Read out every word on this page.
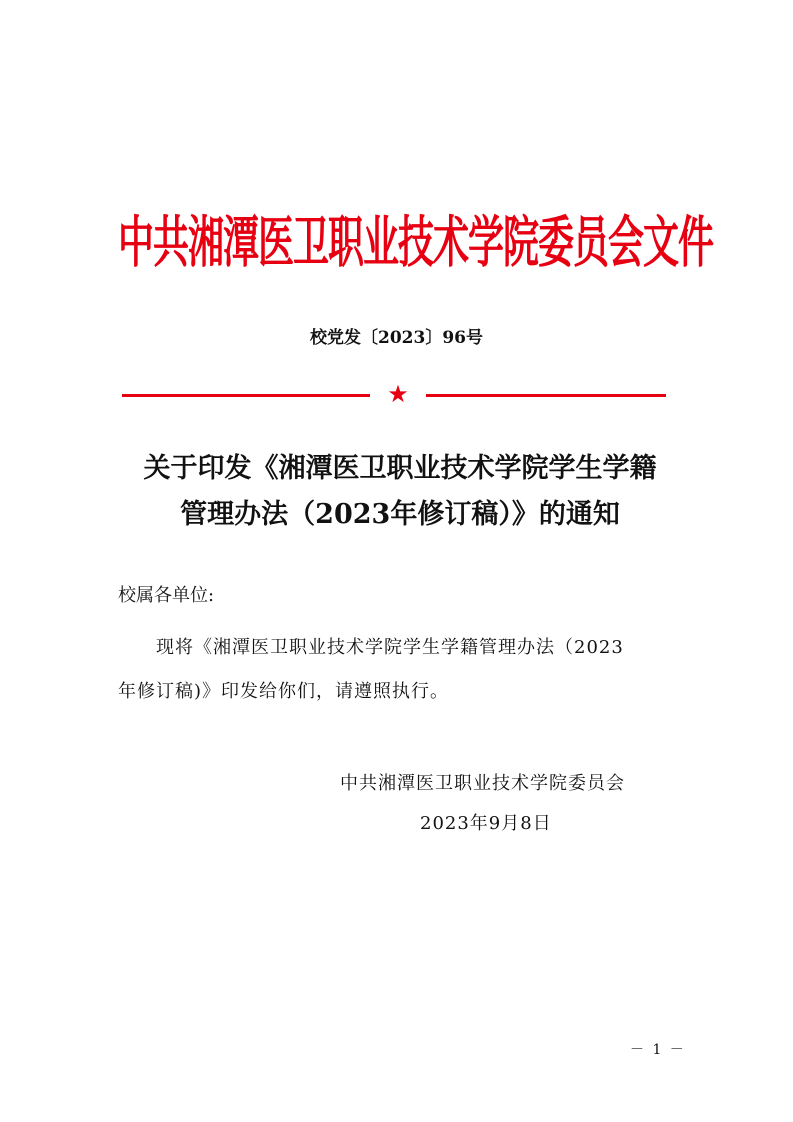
中共湘潭医卫职业技术学院委员会文件
校党发〔2023〕96号
★
关于印发《湘潭医卫职业技术学院学生学籍
管理办法（2023年修订稿）》的通知
校属各单位:
现将《湘潭医卫职业技术学院学生学籍管理办法（2023
年修订稿)》印发给你们，请遵照执行。
中共湘潭医卫职业技术学院委员会
2023年9月8日
－ 1 －
